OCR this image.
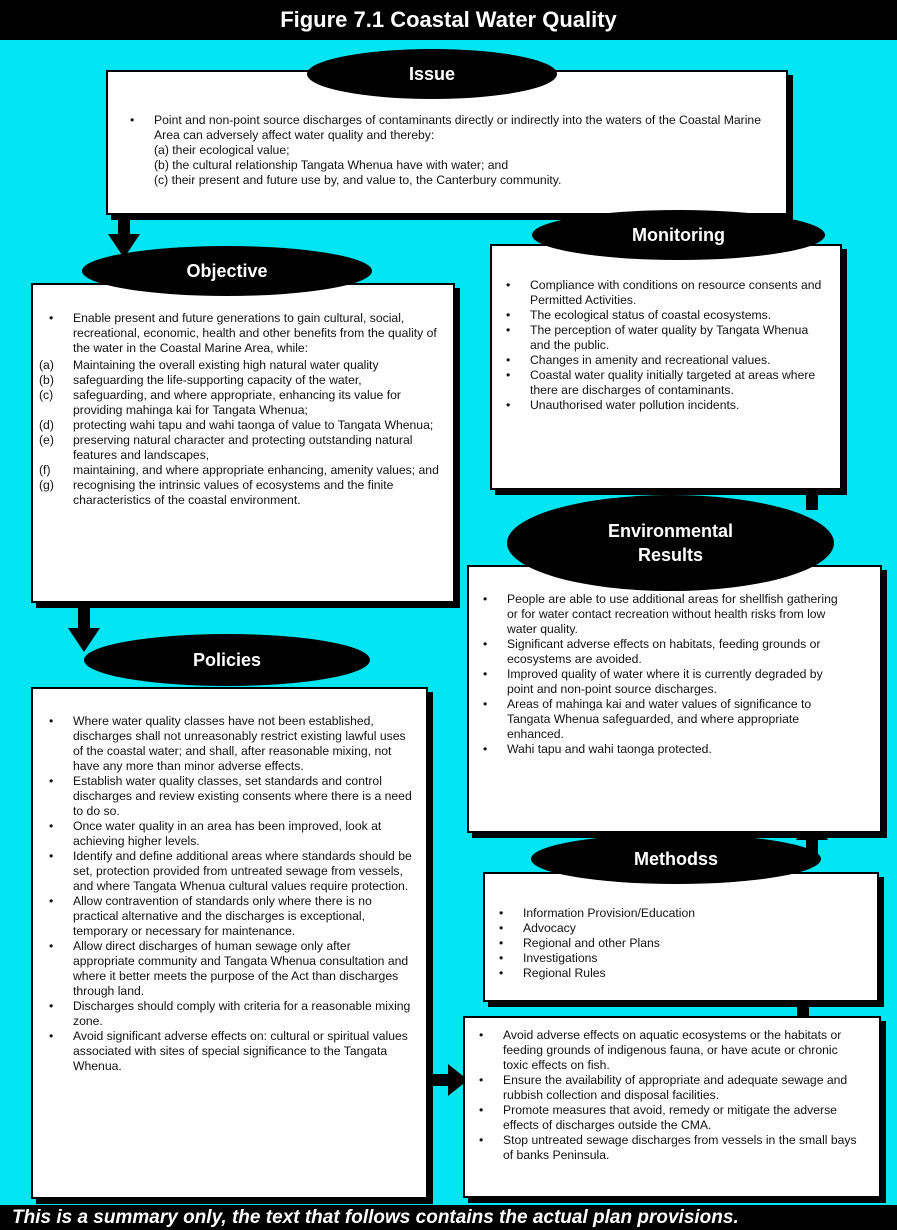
Figure 7.1 Coastal Water Quality
• Point and non-point source discharges of contaminants directly or indirectly into the waters of the Coastal Marine Area can adversely affect water quality and thereby:
(a) their ecological value;
(b) the cultural relationship Tangata Whenua have with water; and
(c) their present and future use by, and value to, the Canterbury community.
Issue
• Enable present and future generations to gain cultural, social, recreational, economic, health and other benefits from the quality of the water in the Coastal Marine Area, while:
(a) Maintaining the overall existing high natural water quality
(b) safeguarding the life-supporting capacity of the water,
(c) safeguarding, and where appropriate, enhancing its value for providing mahinga kai for Tangata Whenua;
(d) protecting wahi tapu and wahi taonga of value to Tangata Whenua;
(e) preserving natural character and protecting outstanding natural features and landscapes,
(f) maintaining, and where appropriate enhancing, amenity values; and
(g) recognising the intrinsic values of ecosystems and the finite characteristics of the coastal environment.
Objective
• Compliance with conditions on resource consents and Permitted Activities.
• The ecological status of coastal ecosystems.
• The perception of water quality by Tangata Whenua and the public.
• Changes in amenity and recreational values.
• Coastal water quality initially targeted at areas where there are discharges of contaminants.
• Unauthorised water pollution incidents.
Monitoring
• People are able to use additional areas for shellfish gathering or for water contact recreation without health risks from low water quality.
• Significant adverse effects on habitats, feeding grounds or ecosystems are avoided.
• Improved quality of water where it is currently degraded by point and non-point source discharges.
• Areas of mahinga kai and water values of significance to Tangata Whenua safeguarded, and where appropriate enhanced.
• Wahi tapu and wahi taonga protected.
Environmental
Results
• Where water quality classes have not been established, discharges shall not unreasonably restrict existing lawful uses of the coastal water; and shall, after reasonable mixing, not have any more than minor adverse effects.
• Establish water quality classes, set standards and control discharges and review existing consents where there is a need to do so.
• Once water quality in an area has been improved, look at achieving higher levels.
• Identify and define additional areas where standards should be set, protection provided from untreated sewage from vessels, and where Tangata Whenua cultural values require protection.
• Allow contravention of standards only where there is no practical alternative and the discharges is exceptional, temporary or necessary for maintenance.
• Allow direct discharges of human sewage only after appropriate community and Tangata Whenua consultation and where it better meets the purpose of the Act than discharges through land.
• Discharges should comply with criteria for a reasonable mixing zone.
• Avoid significant adverse effects on: cultural or spiritual values associated with sites of special significance to the Tangata Whenua.
Policies
• Information Provision/Education
• Advocacy
• Regional and other Plans
• Investigations
• Regional Rules
Methodss
• Avoid adverse effects on aquatic ecosystems or the habitats or feeding grounds of indigenous fauna, or have acute or chronic toxic effects on fish.
• Ensure the availability of appropriate and adequate sewage and rubbish collection and disposal facilities.
• Promote measures that avoid, remedy or mitigate the adverse effects of discharges outside the CMA.
• Stop untreated sewage discharges from vessels in the small bays of banks Peninsula.
This is a summary only, the text that follows contains the actual plan provisions.
